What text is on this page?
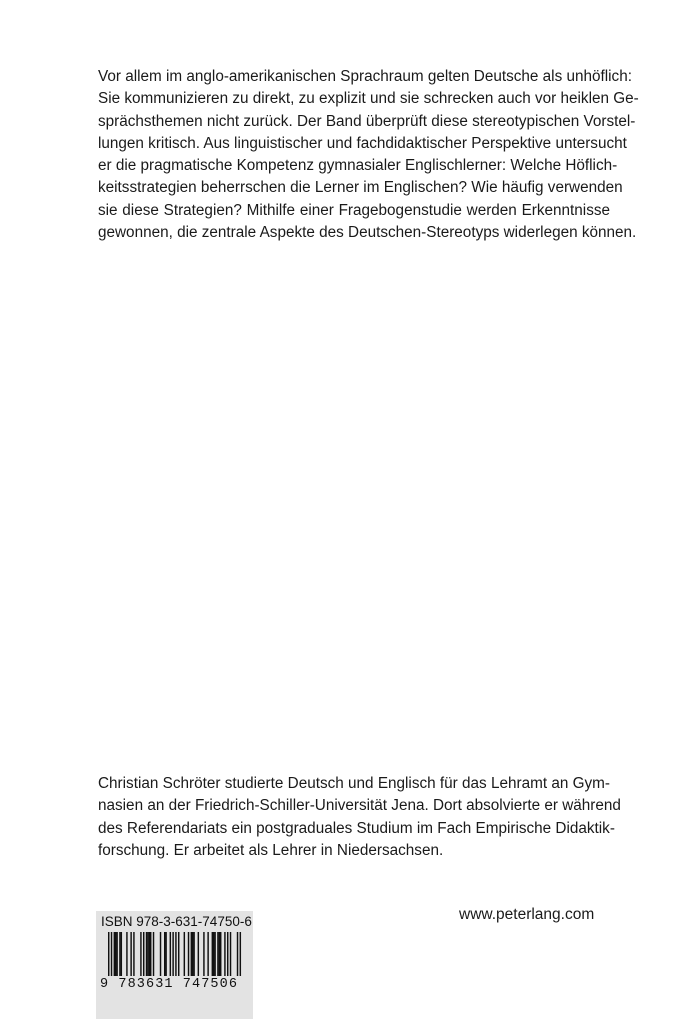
Vor allem im anglo-amerikanischen Sprachraum gelten Deutsche als unhöflich:
Sie kommunizieren zu direkt, zu explizit und sie schrecken auch vor heiklen Ge-
sprächsthemen nicht zurück. Der Band überprüft diese stereotypischen Vorstel-
lungen kritisch. Aus linguistischer und fachdidaktischer Perspektive untersucht
er die pragmatische Kompetenz gymnasialer Englischlerner: Welche Höflich-
keitsstrategien beherrschen die Lerner im Englischen? Wie häufig verwenden
sie diese Strategien? Mithilfe einer Fragebogenstudie werden Erkenntnisse
gewonnen, die zentrale Aspekte des Deutschen-Stereotyps widerlegen können.
Christian Schröter studierte Deutsch und Englisch für das Lehramt an Gym-
nasien an der Friedrich-Schiller-Universität Jena. Dort absolvierte er während
des Referendariats ein postgraduales Studium im Fach Empirische Didaktik-
forschung. Er arbeitet als Lehrer in Niedersachsen.
ISBN 978-3-631-74750-6
9 783631 747506
www.peterlang.com
